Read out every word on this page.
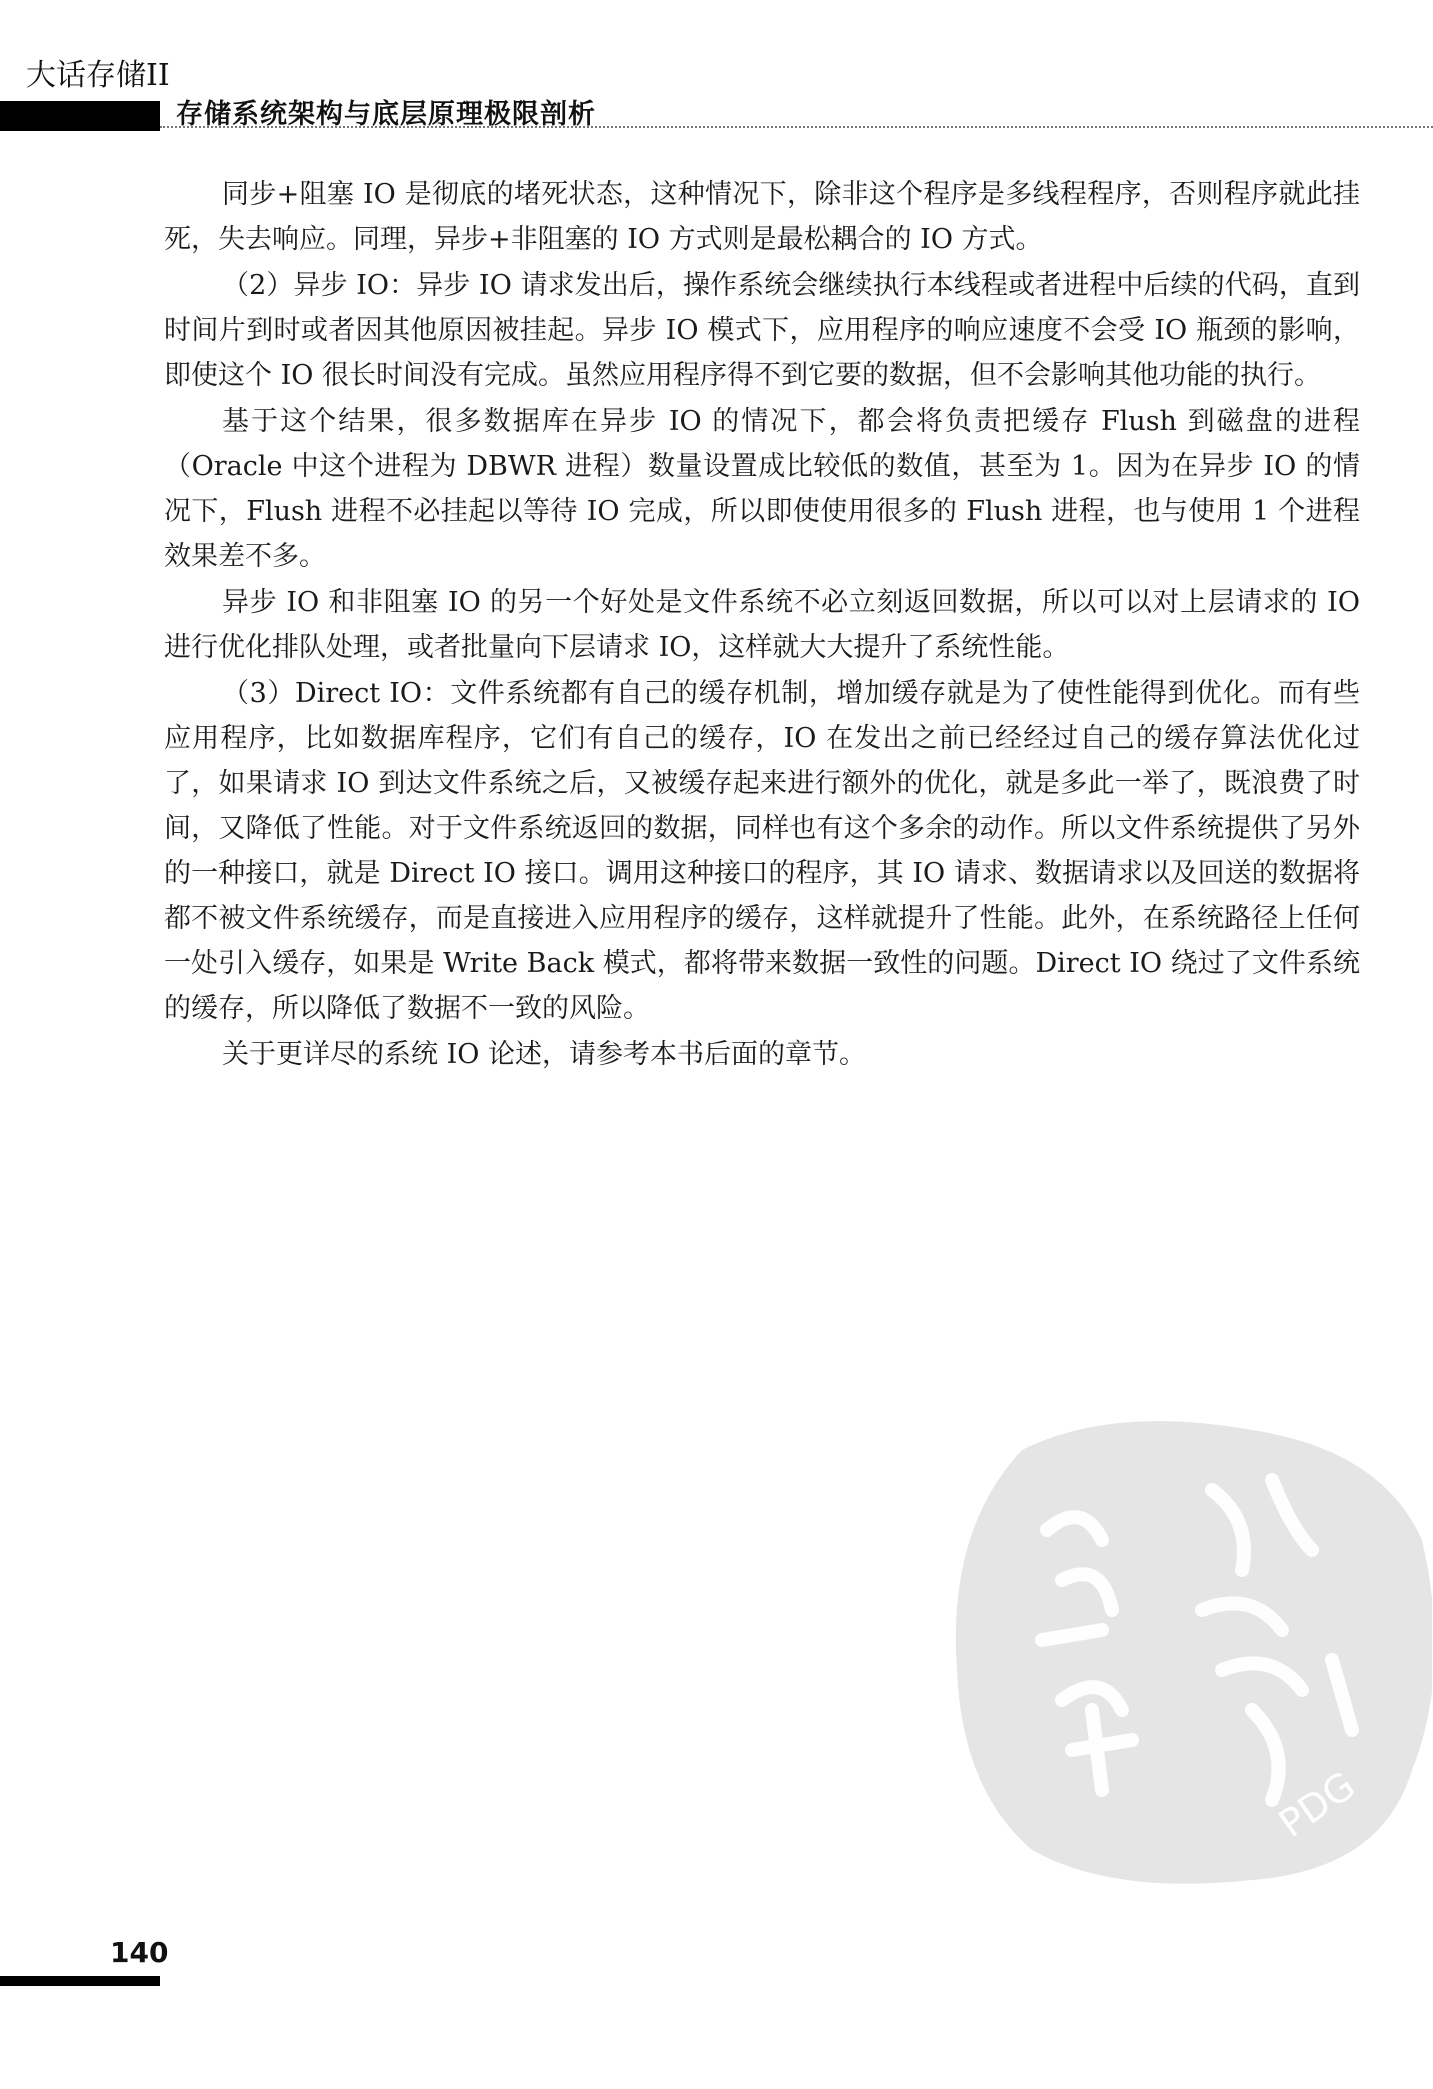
大话存储II
存储系统架构与底层原理极限剖析

同步+阻塞 IO 是彻底的堵死状态，这种情况下，除非这个程序是多线程程序，否则程序就此挂死，失去响应。同理，异步+非阻塞的 IO 方式则是最松耦合的 IO 方式。

（2）异步 IO：异步 IO 请求发出后，操作系统会继续执行本线程或者进程中后续的代码，直到时间片到时或者因其他原因被挂起。异步 IO 模式下，应用程序的响应速度不会受 IO 瓶颈的影响，即使这个 IO 很长时间没有完成。虽然应用程序得不到它要的数据，但不会影响其他功能的执行。

基于这个结果，很多数据库在异步 IO 的情况下，都会将负责把缓存 Flush 到磁盘的进程（Oracle 中这个进程为 DBWR 进程）数量设置成比较低的数值，甚至为 1。因为在异步 IO 的情况下，Flush 进程不必挂起以等待 IO 完成，所以即使使用很多的 Flush 进程，也与使用 1 个进程效果差不多。

异步 IO 和非阻塞 IO 的另一个好处是文件系统不必立刻返回数据，所以可以对上层请求的 IO 进行优化排队处理，或者批量向下层请求 IO，这样就大大提升了系统性能。

（3）Direct IO：文件系统都有自己的缓存机制，增加缓存就是为了使性能得到优化。而有些应用程序，比如数据库程序，它们有自己的缓存，IO 在发出之前已经经过自己的缓存算法优化过了，如果请求 IO 到达文件系统之后，又被缓存起来进行额外的优化，就是多此一举了，既浪费了时间，又降低了性能。对于文件系统返回的数据，同样也有这个多余的动作。所以文件系统提供了另外的一种接口，就是 Direct IO 接口。调用这种接口的程序，其 IO 请求、数据请求以及回送的数据将都不被文件系统缓存，而是直接进入应用程序的缓存，这样就提升了性能。此外，在系统路径上任何一处引入缓存，如果是 Write Back 模式，都将带来数据一致性的问题。Direct IO 绕过了文件系统的缓存，所以降低了数据不一致的风险。

关于更详尽的系统 IO 论述，请参考本书后面的章节。

PDG
140
